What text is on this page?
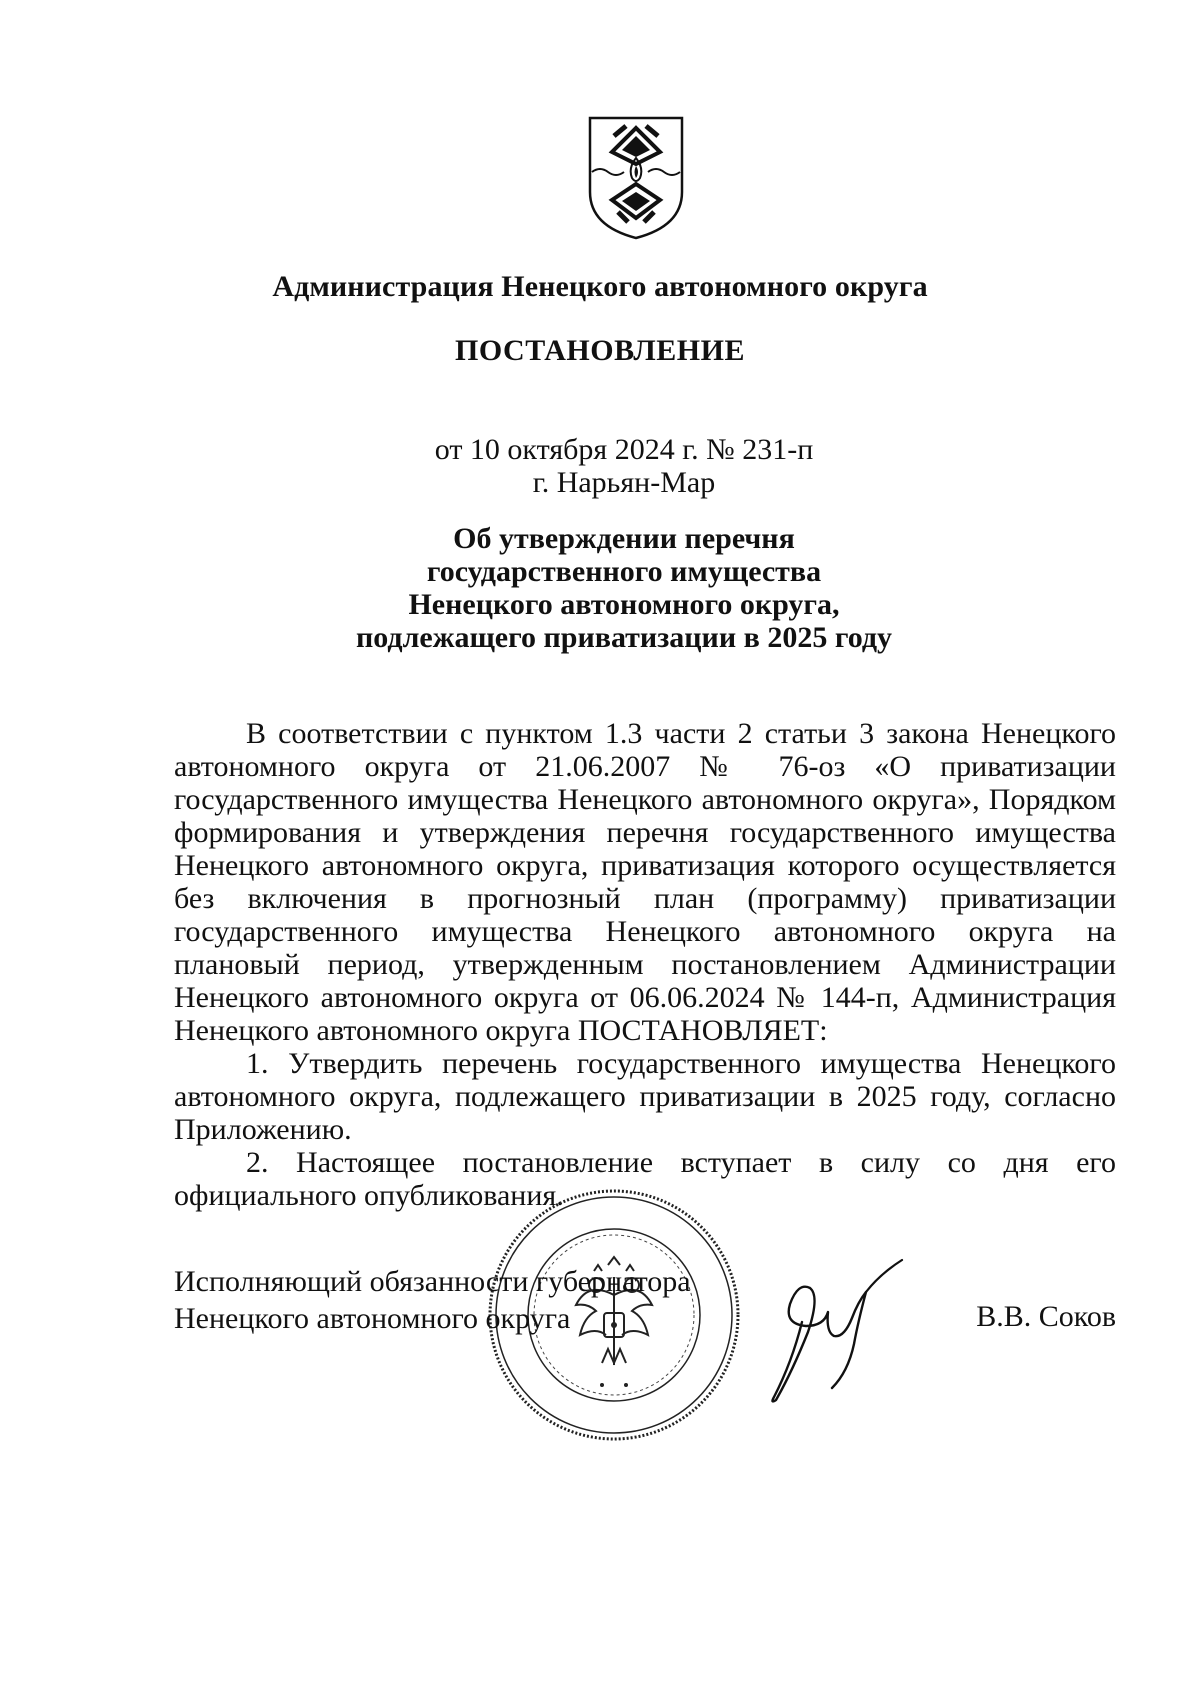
Администрация Ненецкого автономного округа
ПОСТАНОВЛЕНИЕ
от 10 октября 2024 г. № 231-п
г. Нарьян-Мар
Об утверждении перечня
государственного имущества
Ненецкого автономного округа,
подлежащего приватизации в 2025 году

В соответствии с пунктом 1.3 части 2 статьи 3 закона Ненецкого автономного округа от 21.06.2007 № 76-оз «О приватизации государственного имущества Ненецкого автономного округа», Порядком формирования и утверждения перечня государственного имущества Ненецкого автономного округа, приватизация которого осуществляется без включения в прогнозный план (программу) приватизации государственного имущества Ненецкого автономного округа на плановый период, утвержденным постановлением Администрации Ненецкого автономного округа от 06.06.2024 № 144-п, Администрация Ненецкого автономного округа ПОСТАНОВЛЯЕТ:

1. Утвердить перечень государственного имущества Ненецкого автономного округа, подлежащего приватизации в 2025 году, согласно Приложению.

2. Настоящее постановление вступает в силу со дня его официального опубликования.

Исполняющий обязанности губернатора
Ненецкого автономного округа	В.В. Соков
